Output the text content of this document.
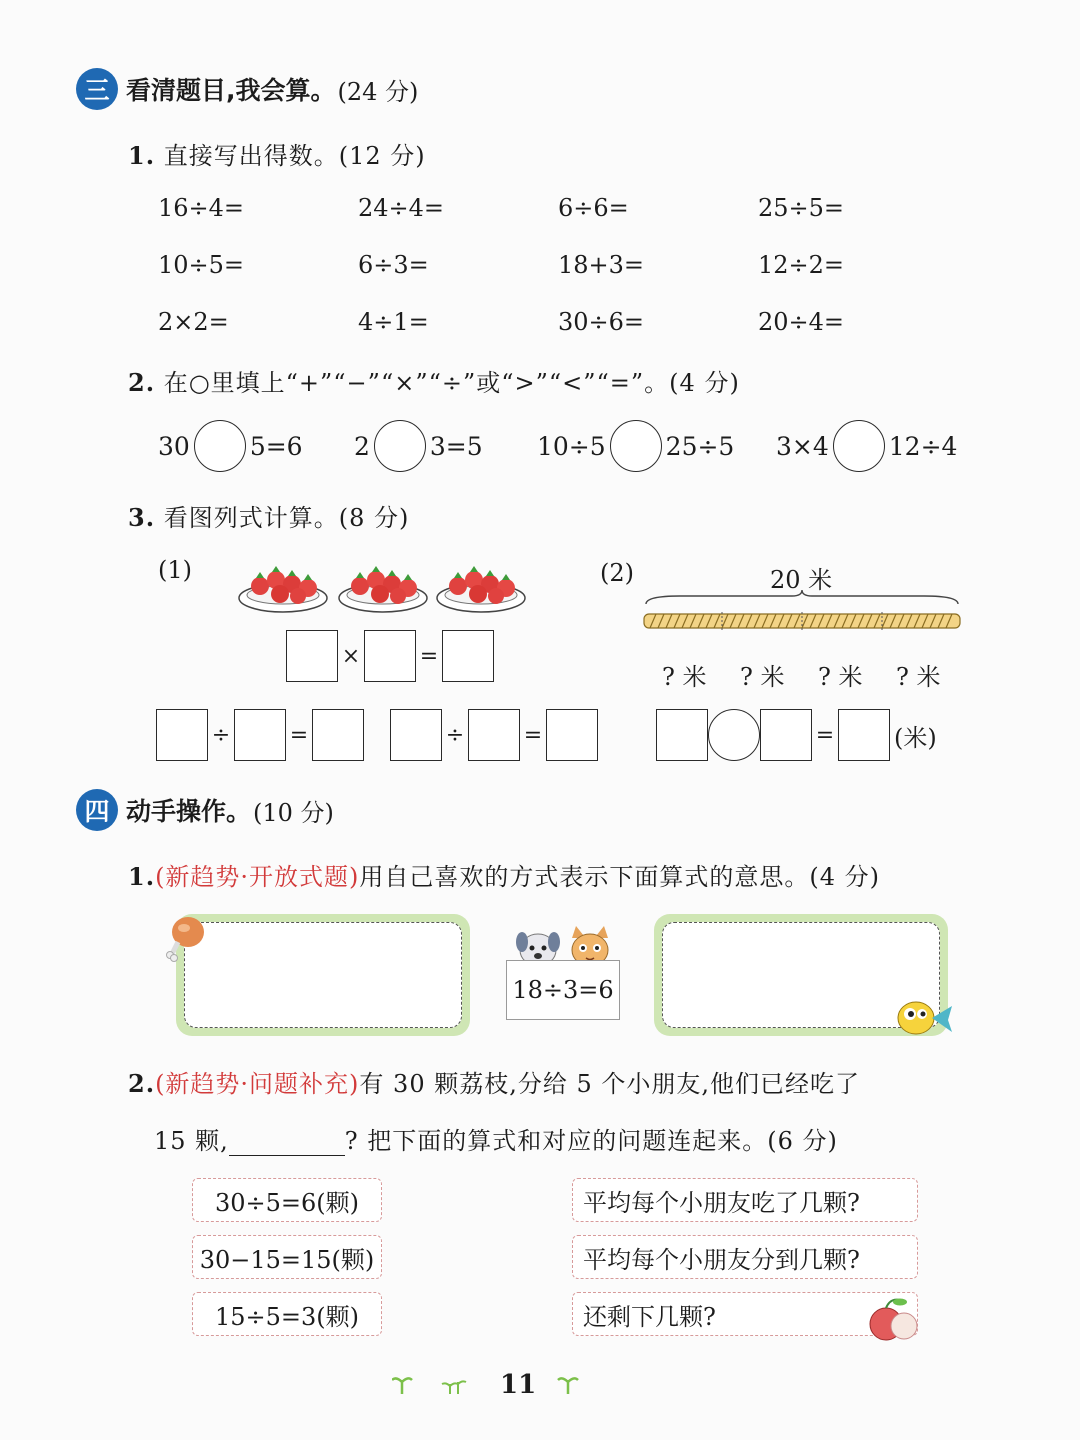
三 看清题目,我会算。 (24 分)
1. 直接写出得数。(12 分)
16÷4=	24÷4=	6÷6=	25÷5=
10÷5=	6÷3=	18+3=	12÷2=
2×2=	4÷1=	30÷6=	20÷4=
2. 在○里填上“+”“−”“×”“÷”或“>”“<”“=”。(4 分)
30 5=6 2 3=5 10÷5 25÷5 3×4 12÷4
3. 看图列式计算。(8 分)
(1)
×	=
÷	=	÷	=
(2)	20 米
? 米 ? 米 ? 米 ? 米
= (米)
四 动手操作。 (10 分)
1.(新趋势·开放式题)用自己喜欢的方式表示下面算式的意思。(4 分)
18÷3=6
2.(新趋势·问题补充)有 30 颗荔枝,分给 5 个小朋友,他们已经吃了
15 颗,	? 把下面的算式和对应的问题连起来。(6 分)
30÷5=6(颗)
30−15=15(颗)
15÷5=3(颗)
平均每个小朋友吃了几颗?
平均每个小朋友分到几颗?
还剩下几颗?
11
